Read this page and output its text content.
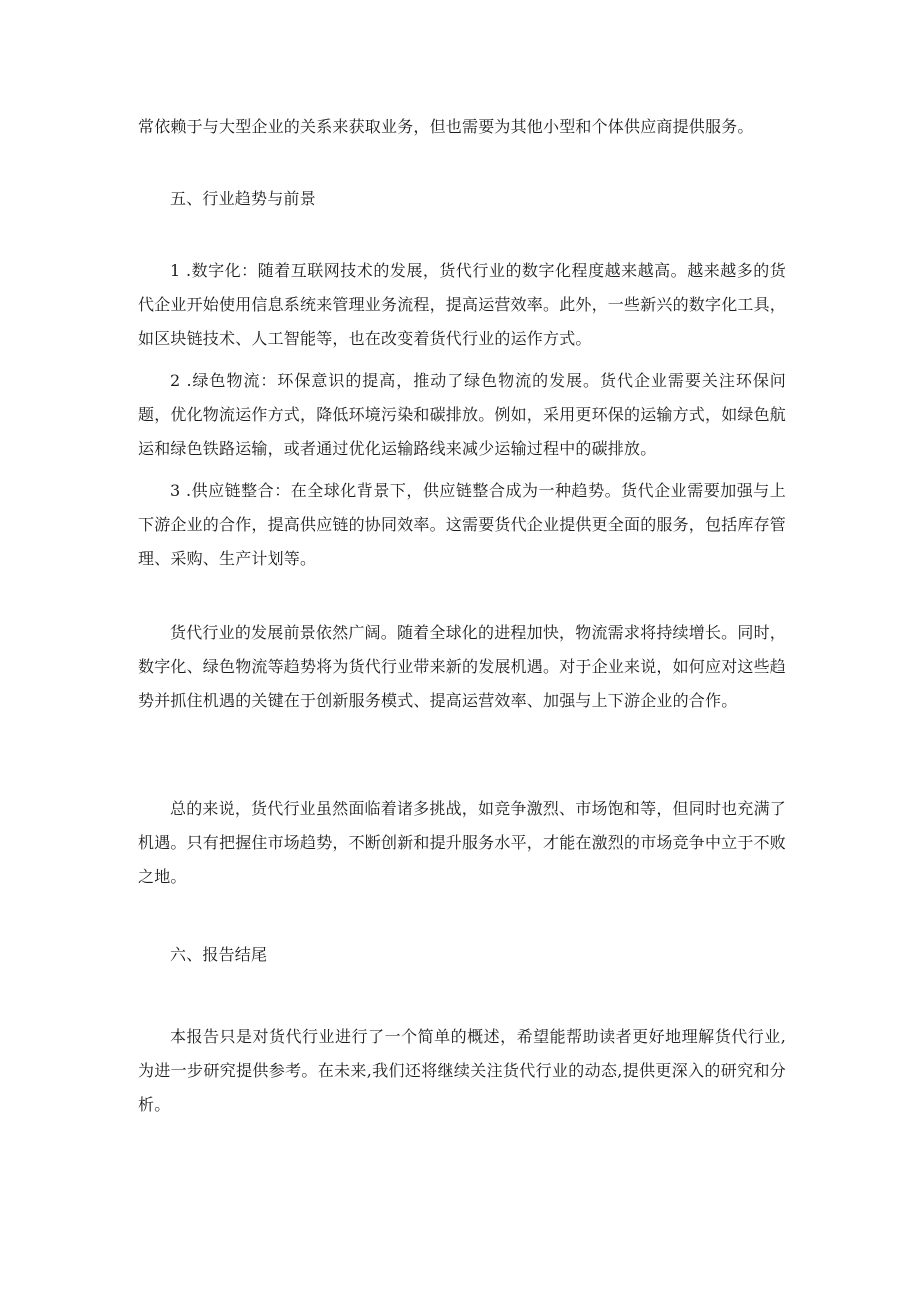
常依赖于与大型企业的关系来获取业务，但也需要为其他小型和个体供应商提供服务。

五、行业趋势与前景

1 .数字化：随着互联网技术的发展，货代行业的数字化程度越来越高。越来越多的货代企业开始使用信息系统来管理业务流程，提高运营效率。此外，一些新兴的数字化工具，如区块链技术、人工智能等，也在改变着货代行业的运作方式。

2 .绿色物流：环保意识的提高，推动了绿色物流的发展。货代企业需要关注环保问题，优化物流运作方式，降低环境污染和碳排放。例如，采用更环保的运输方式，如绿色航运和绿色铁路运输，或者通过优化运输路线来减少运输过程中的碳排放。

3 .供应链整合：在全球化背景下，供应链整合成为一种趋势。货代企业需要加强与上下游企业的合作，提高供应链的协同效率。这需要货代企业提供更全面的服务，包括库存管理、采购、生产计划等。

货代行业的发展前景依然广阔。随着全球化的进程加快，物流需求将持续增长。同时，数字化、绿色物流等趋势将为货代行业带来新的发展机遇。对于企业来说，如何应对这些趋势并抓住机遇的关键在于创新服务模式、提高运营效率、加强与上下游企业的合作。

总的来说，货代行业虽然面临着诸多挑战，如竞争激烈、市场饱和等，但同时也充满了机遇。只有把握住市场趋势，不断创新和提升服务水平，才能在激烈的市场竞争中立于不败之地。

六、报告结尾

本报告只是对货代行业进行了一个简单的概述，希望能帮助读者更好地理解货代行业,为进一步研究提供参考。在未来,我们还将继续关注货代行业的动态,提供更深入的研究和分析。
